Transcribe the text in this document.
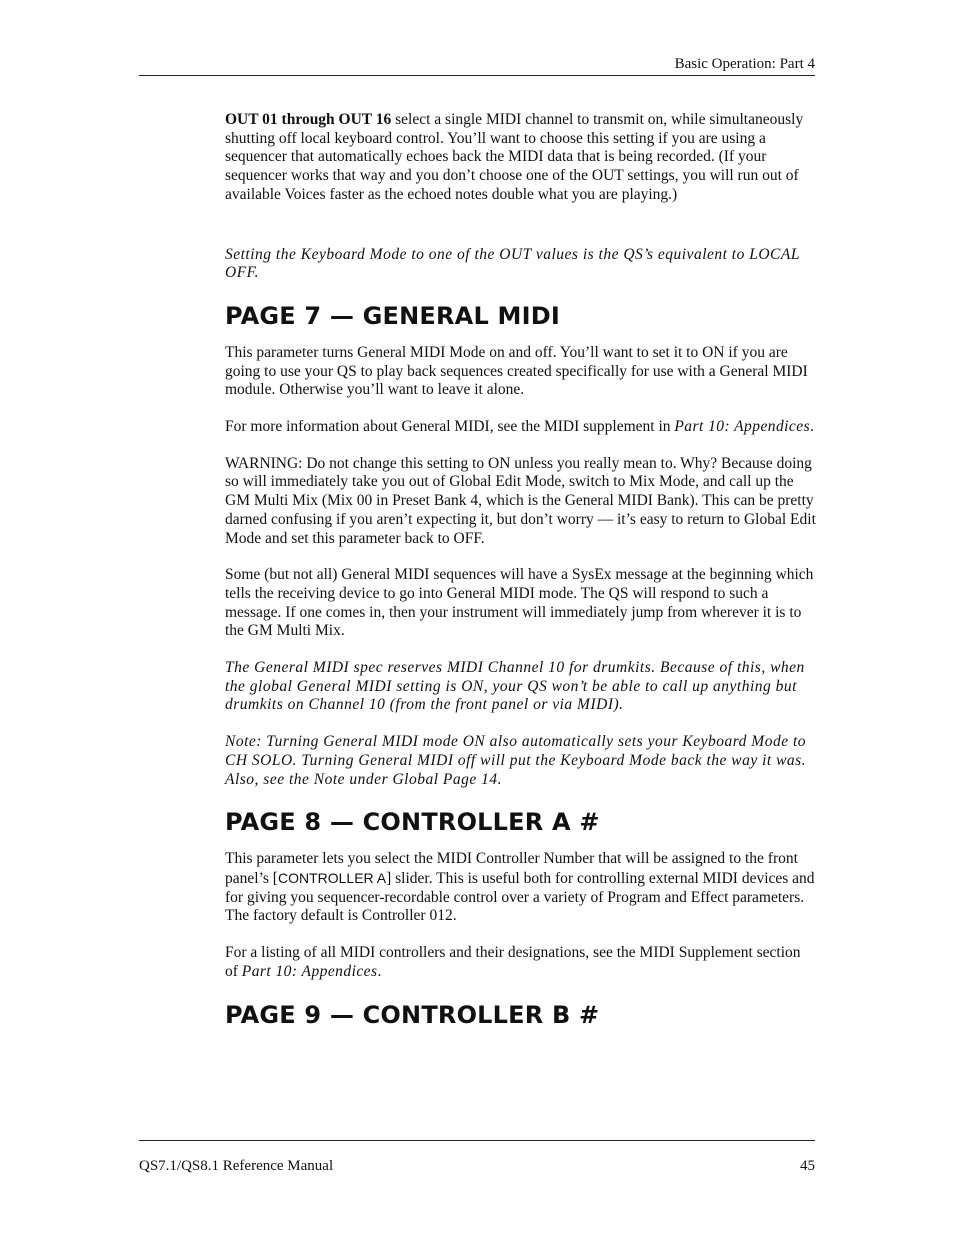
Basic Operation: Part 4

OUT 01 through OUT 16 select a single MIDI channel to transmit on, while simultaneously shutting off local keyboard control. You’ll want to choose this setting if you are using a sequencer that automatically echoes back the MIDI data that is being recorded. (If your sequencer works that way and you don’t choose one of the OUT settings, you will run out of available Voices faster as the echoed notes double what you are playing.)

Setting the Keyboard Mode to one of the OUT values is the QS’s equivalent to LOCAL OFF.

PAGE 7 — GENERAL MIDI

This parameter turns General MIDI Mode on and off. You’ll want to set it to ON if you are going to use your QS to play back sequences created specifically for use with a General MIDI module. Otherwise you’ll want to leave it alone.

For more information about General MIDI, see the MIDI supplement in Part 10: Appendices.

WARNING: Do not change this setting to ON unless you really mean to. Why? Because doing so will immediately take you out of Global Edit Mode, switch to Mix Mode, and call up the GM Multi Mix (Mix 00 in Preset Bank 4, which is the General MIDI Bank). This can be pretty darned confusing if you aren’t expecting it, but don’t worry — it’s easy to return to Global Edit Mode and set this parameter back to OFF.

Some (but not all) General MIDI sequences will have a SysEx message at the beginning which tells the receiving device to go into General MIDI mode. The QS will respond to such a message. If one comes in, then your instrument will immediately jump from wherever it is to the GM Multi Mix.

The General MIDI spec reserves MIDI Channel 10 for drumkits. Because of this, when the global General MIDI setting is ON, your QS won’t be able to call up anything but drumkits on Channel 10 (from the front panel or via MIDI).

Note: Turning General MIDI mode ON also automatically sets your Keyboard Mode to CH SOLO. Turning General MIDI off will put the Keyboard Mode back the way it was. Also, see the Note under Global Page 14.

PAGE 8 — CONTROLLER A #

This parameter lets you select the MIDI Controller Number that will be assigned to the front panel’s [CONTROLLER A] slider. This is useful both for controlling external MIDI devices and for giving you sequencer-recordable control over a variety of Program and Effect parameters. The factory default is Controller 012.

For a listing of all MIDI controllers and their designations, see the MIDI Supplement section of Part 10: Appendices.

PAGE 9 — CONTROLLER B #
QS7.1/QS8.1 Reference Manual	45
